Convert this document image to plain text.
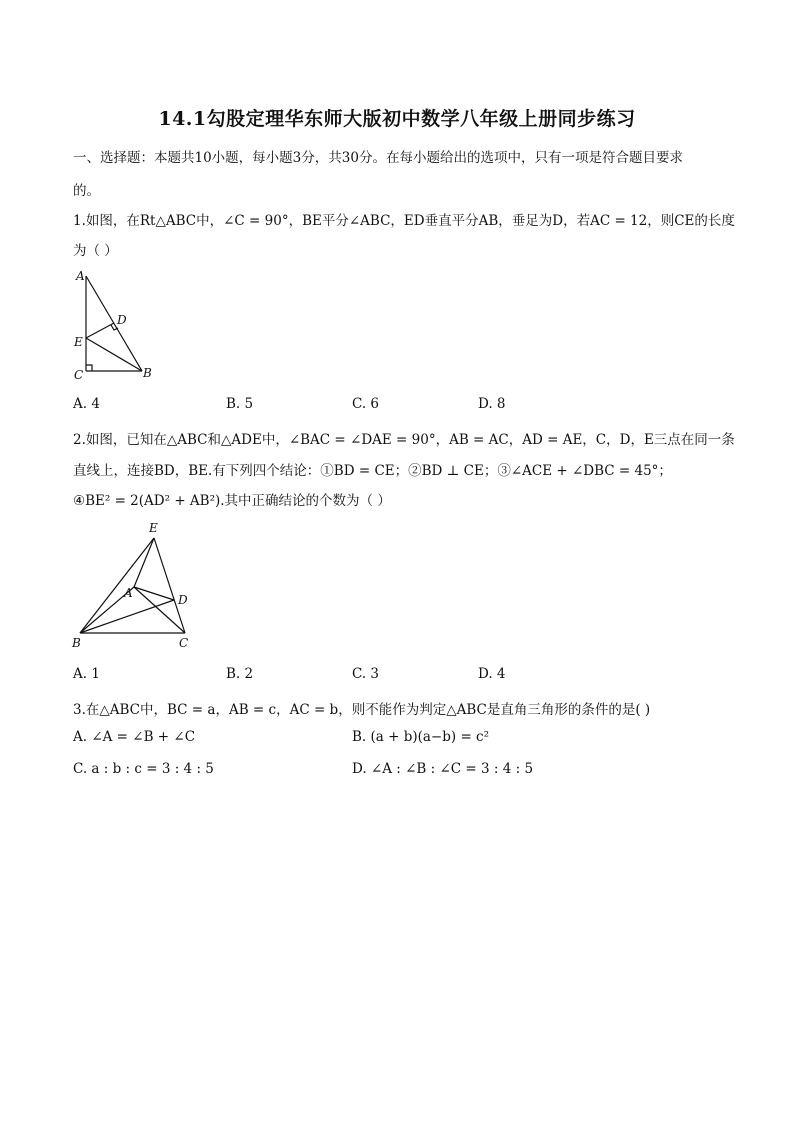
14.1勾股定理华东师大版初中数学八年级上册同步练习
一、选择题：本题共10小题，每小题3分，共30分。在每小题给出的选项中，只有一项是符合题目要求
的。
1.如图，在Rt△ABC中，∠C = 90°，BE平分∠ABC，ED垂直平分AB，垂足为D，若AC = 12，则CE的长度
为（ ）
A
D
E
C	B
A. 4	B. 5	C. 6	D. 8
2.如图，已知在△ABC和△ADE中，∠BAC = ∠DAE = 90°，AB = AC，AD = AE，C，D，E三点在同一条
直线上，连接BD，BE.有下列四个结论：①BD = CE；②BD ⊥ CE；③∠ACE + ∠DBC = 45°；
④BE² = 2(AD² + AB²).其中正确结论的个数为（ ）
E
A	D
B	C
A. 1	B. 2	C. 3	D. 4
3.在△ABC中，BC = a，AB = c，AC = b，则不能作为判定△ABC是直角三角形的条件的是( )
A. ∠A = ∠B + ∠C	B. (a + b)(a−b) = c²
C. a : b : c = 3 : 4 : 5	D. ∠A : ∠B : ∠C = 3 : 4 : 5
